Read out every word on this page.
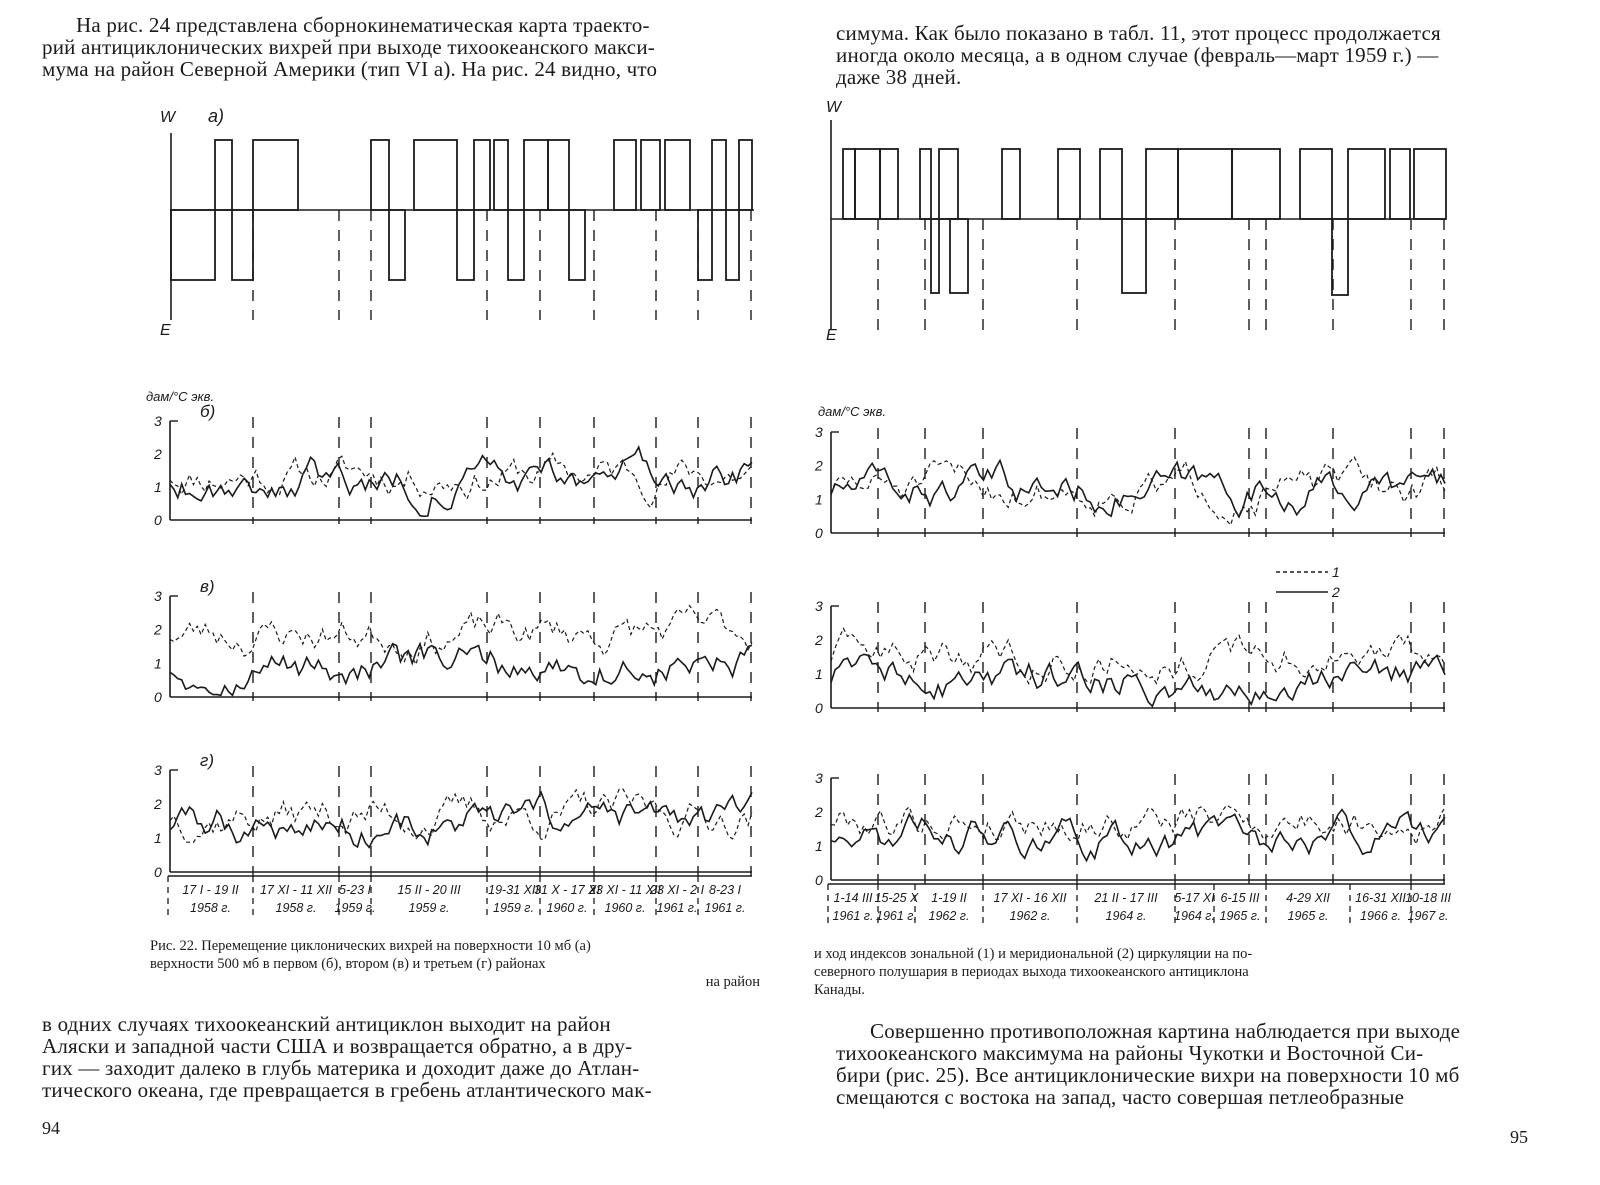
На рис. 24 представлена сборнокинематическая карта траекто-

рий антициклонических вихрей при выходе тихоокеанского макси-

мума на район Северной Америки (тип VI а). На рис. 24 видно, что

W а)
E
дам/°С экв.
0
1
2
3 б)
0
1
2
3 в)
0
1
2
3 г)
17 I - 19 II
1958 г.
17 XI - 11 XII
1958 г.
5-23 I
1959 г.
15 II - 20 III
1959 г.
19-31 XII
1959 г.
31 X - 17 XI
1960 г.
23 XI - 11 XII
1960 г.
23 XI - 2 I
1961 г.
8-23 I
1961 г.
Рис. 22. Перемещение циклонических вихрей на поверхности 10 мб (а)
верхности 500 мб в первом (б), втором (в) и третьем (г) районах
на район

в одних случаях тихоокеанский антициклон выходит на район

Аляски и западной части США и возвращается обратно, а в дру-

гих — заходит далеко в глубь материка и доходит даже до Атлан-

тического океана, где превращается в гребень атлантического мак-

94

симума. Как было показано в табл. 11, этот процесс продолжается

иногда около месяца, а в одном случае (февраль—март 1959 г.) —

даже 38 дней.

W
E
дам/°С экв.
0
1
2
3
0
1
2
3
1
2
0
1
2
3
1-14 III
1961 г.
15-25 X
1961 г.
1-19 II
1962 г.
17 XI - 16 XII
1962 г.
21 II - 17 III
1964 г.
5-17 XI
1964 г.
6-15 III
1965 г.
4-29 XII
1965 г.
16-31 XII
1966 г.
10-18 III
1967 г.
и ход индексов зональной (1) и меридиональной (2) циркуляции на по-
северного полушария в периодах выхода тихоокеанского антициклона
Канады.

Совершенно противоположная картина наблюдается при выходе

тихоокеанского максимума на районы Чукотки и Восточной Си-

бири (рис. 25). Все антициклонические вихри на поверхности 10 мб

смещаются с востока на запад, часто совершая петлеобразные

95
